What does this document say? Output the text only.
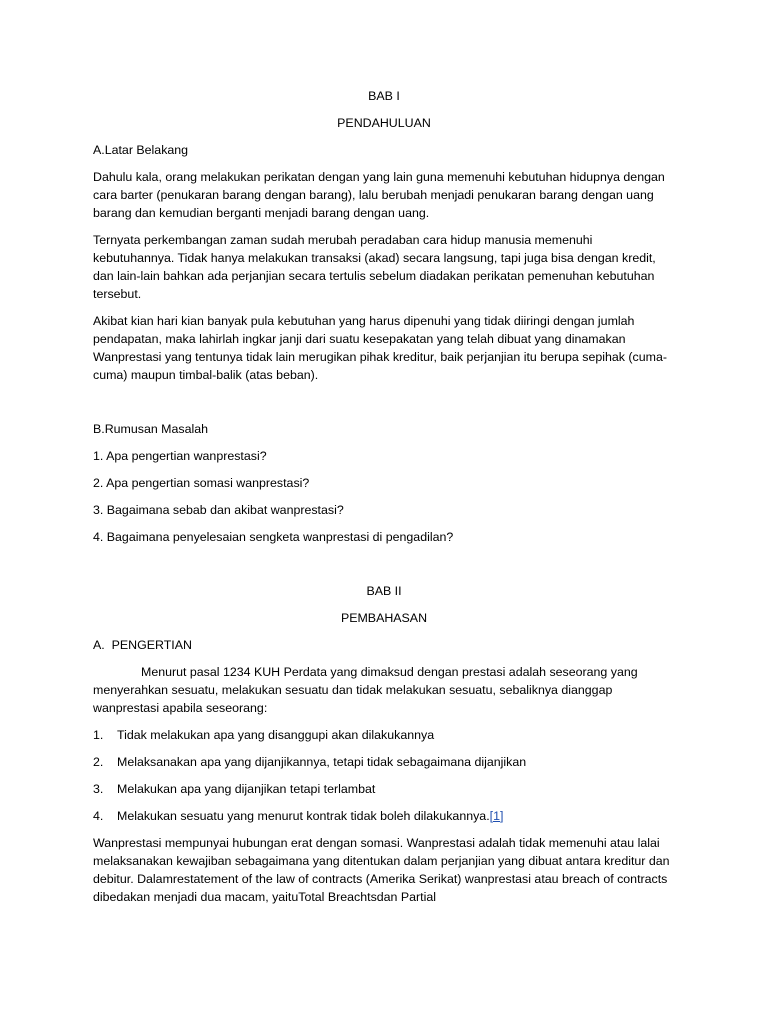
BAB I

PENDAHULUAN

A.Latar Belakang

Dahulu kala, orang melakukan perikatan dengan yang lain guna memenuhi kebutuhan hidupnya dengan cara barter (penukaran barang dengan barang), lalu berubah menjadi penukaran barang dengan uang barang dan kemudian berganti menjadi barang dengan uang.

Ternyata perkembangan zaman sudah merubah peradaban cara hidup manusia memenuhi kebutuhannya. Tidak hanya melakukan transaksi (akad) secara langsung, tapi juga bisa dengan kredit, dan lain-lain bahkan ada perjanjian secara tertulis sebelum diadakan perikatan pemenuhan kebutuhan tersebut.

Akibat kian hari kian banyak pula kebutuhan yang harus dipenuhi yang tidak diiringi dengan jumlah pendapatan, maka lahirlah ingkar janji dari suatu kesepakatan yang telah dibuat yang dinamakan Wanprestasi yang tentunya tidak lain merugikan pihak kreditur, baik perjanjian itu berupa sepihak (cuma-cuma) maupun timbal-balik (atas beban).

B.Rumusan Masalah

1. Apa pengertian wanprestasi?

2. Apa pengertian somasi wanprestasi?

3. Bagaimana sebab dan akibat wanprestasi?

4. Bagaimana penyelesaian sengketa wanprestasi di pengadilan?

BAB II

PEMBAHASAN

A.  PENGERTIAN

Menurut pasal 1234 KUH Perdata yang dimaksud dengan prestasi adalah seseorang yang menyerahkan sesuatu, melakukan sesuatu dan tidak melakukan sesuatu, sebaliknya dianggap wanprestasi apabila seseorang:

1.	Tidak melakukan apa yang disanggupi akan dilakukannya
2.	Melaksanakan apa yang dijanjikannya, tetapi tidak sebagaimana dijanjikan
3.	Melakukan apa yang dijanjikan tetapi terlambat
4.	Melakukan sesuatu yang menurut kontrak tidak boleh dilakukannya.[1]

Wanprestasi mempunyai hubungan erat dengan somasi. Wanprestasi adalah tidak memenuhi atau lalai melaksanakan kewajiban sebagaimana yang ditentukan dalam perjanjian yang dibuat antara kreditur dan debitur. Dalamrestatement of the law of contracts (Amerika Serikat) wanprestasi atau breach of contracts dibedakan menjadi dua macam, yaituTotal Breachtsdan Partial
